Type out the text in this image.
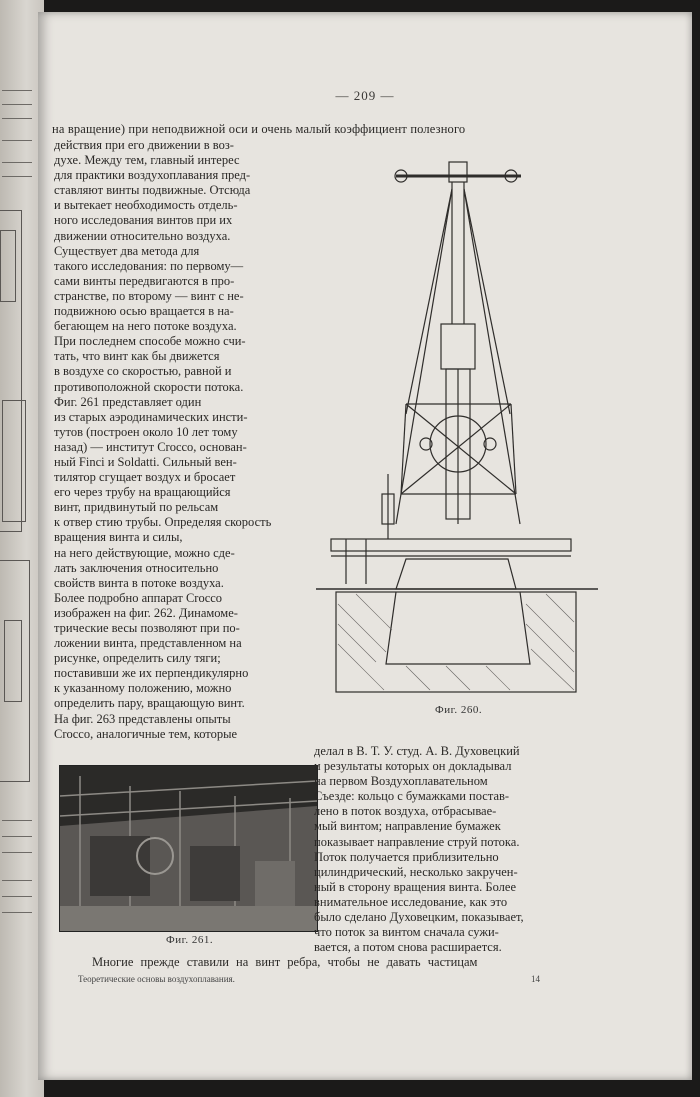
— 209 —
на вращение) при неподвижной оси и очень малый коэффициент полезного
действия при его движении в воз-
духе. Между тем, главный интерес
для практики воздухоплавания пред-
ставляют винты подвижные. Отсюда
и вытекает необходимость отдель-
ного исследования винтов при их
движении относительно воздуха.
Существует два метода для
такого исследования: по первому—
сами винты передвигаются в про-
странстве, по второму — винт с не-
подвижною осью вращается в на-
бегающем на него потоке воздуха.
При последнем способе можно счи-
тать, что винт как бы движется
в воздухе со скоростью, равной и
противоположной скорости потока.
Фиг. 261 представляет один
из старых аэродинамических инсти-
тутов (построен около 10 лет тому
назад) — институт Crocco, основан-
ный Finci и Soldatti. Сильный вен-
тилятор сгущает воздух и бросает
его через трубу на вращающийся
винт, придвинутый по рельсам
к отвер стию трубы. Определяя скорость
вращения винта и силы,
на него действующие, можно сде-
лать заключения относительно
свойств винта в потоке воздуха.
Более подробно аппарат Crocco
изображен на фиг. 262. Динамоме-
трические весы позволяют при по-
ложении винта, представленном на
рисунке, определить силу тяги;
поставивши же их перпендикулярно
к указанному положению, можно
определить пару, вращающую винт.
На фиг. 263 представлены опыты
Crocco, аналогичные тем, которые
Фиг. 260.
Фиг. 261.
делал в В. Т. У. студ. А. В. Духовецкий
и результаты которых он докладывал
на первом Воздухоплавательном
Съезде: кольцо с бумажками постав-
лено в поток воздуха, отбрасывае-
мый винтом; направление бумажек
показывает направление струй потока.
Поток получается приблизительно
цилиндрический, несколько закручен-
ный в сторону вращения винта. Более
внимательное исследование, как это
было сделано Духовецким, показывает,
что поток за винтом сначала сужи-
вается, а потом снова расширается.
Многие прежде ставили на винт ребра, чтобы не давать частицам
Теоретические основы воздухоплавания.	14
